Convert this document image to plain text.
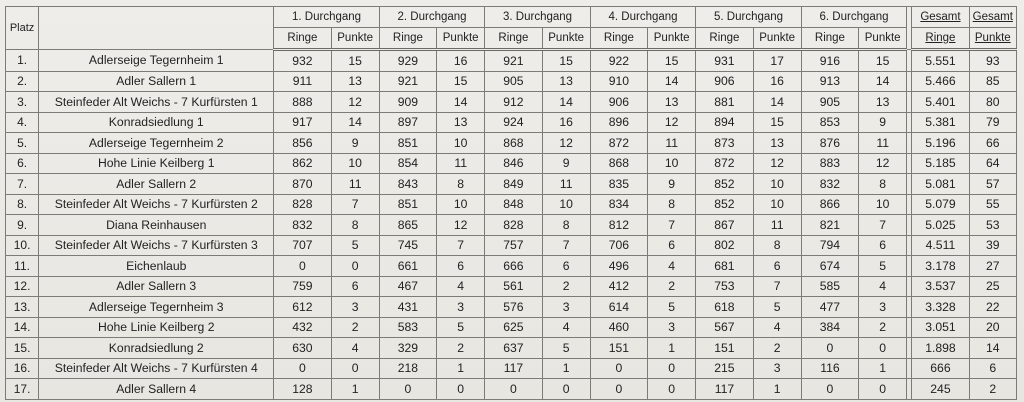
Platz		1. Durchgang		2. Durchgang		3. Durchgang		4. Durchgang		5. Durchgang		6. Durchgang			Gesamt	Gesamt
		Ringe	Punkte	Ringe	Punkte	Ringe	Punkte	Ringe	Punkte	Ringe	Punkte	Ringe	Punkte		Ringe	Punkte
1.	Adlerseige Tegernheim 1	932	15	929	16	921	15	922	15	931	17	916	15		5.551	93
2.	Adler Sallern 1	911	13	921	15	905	13	910	14	906	16	913	14		5.466	85
3.	Steinfeder Alt Weichs - 7 Kurfürsten 1	888	12	909	14	912	14	906	13	881	14	905	13		5.401	80
4.	Konradsiedlung 1	917	14	897	13	924	16	896	12	894	15	853	9		5.381	79
5.	Adlerseige Tegernheim 2	856	9	851	10	868	12	872	11	873	13	876	11		5.196	66
6.	Hohe Linie Keilberg 1	862	10	854	11	846	9	868	10	872	12	883	12		5.185	64
7.	Adler Sallern 2	870	11	843	8	849	11	835	9	852	10	832	8		5.081	57
8.	Steinfeder Alt Weichs - 7 Kurfürsten 2	828	7	851	10	848	10	834	8	852	10	866	10		5.079	55
9.	Diana Reinhausen	832	8	865	12	828	8	812	7	867	11	821	7		5.025	53
10.	Steinfeder Alt Weichs - 7 Kurfürsten 3	707	5	745	7	757	7	706	6	802	8	794	6		4.511	39
11.	Eichenlaub	0	0	661	6	666	6	496	4	681	6	674	5		3.178	27
12.	Adler Sallern 3	759	6	467	4	561	2	412	2	753	7	585	4		3.537	25
13.	Adlerseige Tegernheim 3	612	3	431	3	576	3	614	5	618	5	477	3		3.328	22
14.	Hohe Linie Keilberg 2	432	2	583	5	625	4	460	3	567	4	384	2		3.051	20
15.	Konradsiedlung 2	630	4	329	2	637	5	151	1	151	2	0	0		1.898	14
16.	Steinfeder Alt Weichs - 7 Kurfürsten 4	0	0	218	1	117	1	0	0	215	3	116	1		666	6
17.	Adler Sallern 4	128	1	0	0	0	0	0	0	117	1	0	0		245	2
